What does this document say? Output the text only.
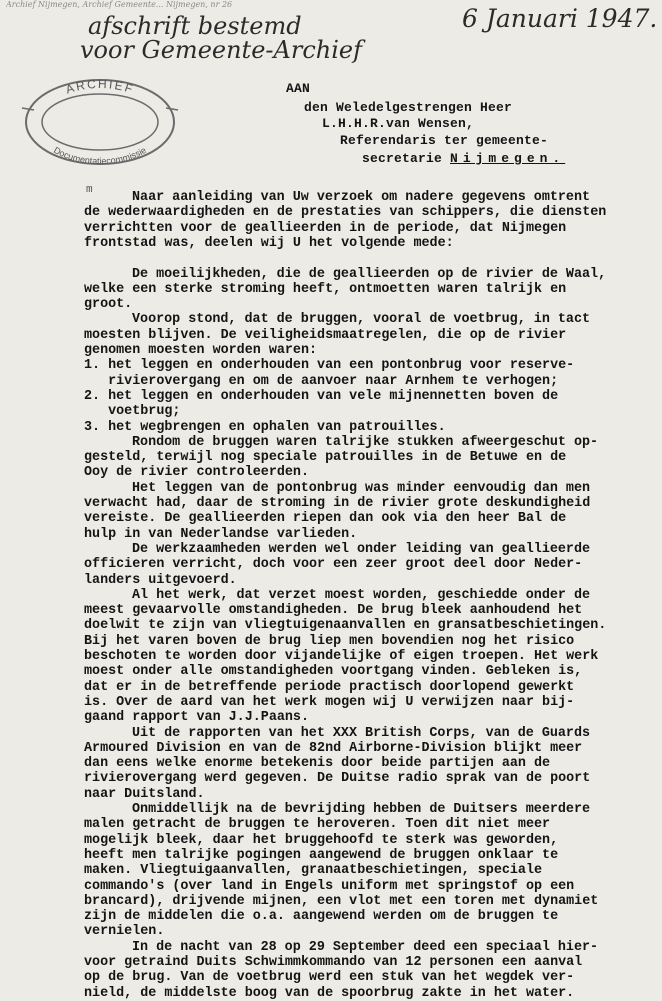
Archief Nijmegen, Archief Gemeente... Nijmegen, nr 26
afschrift bestemd
voor Gemeente-Archief
6 Januari 1947.
ARCHIEF
Documentatiecommissie
AAN
den Weledelgestrengen Heer
L.H.H.R.van Wensen,
Referendaris ter gemeente-
secretarie Nijmegen.
m	Naar aanleiding van Uw verzoek om nadere gegevens omtrent
de wederwaardigheden en de prestaties van schippers, die diensten
verrichtten voor de geallieerden in de periode, dat Nijmegen
frontstad was, deelen wij U het volgende mede:
De moeilijkheden, die de geallieerden op de rivier de Waal,
welke een sterke stroming heeft, ontmoetten waren talrijk en
groot.
Voorop stond, dat de bruggen, vooral de voetbrug, in tact
moesten blijven. De veiligheidsmaatregelen, die op de rivier
genomen moesten worden waren:
1. het leggen en onderhouden van een pontonbrug voor reserve-
rivierovergang en om de aanvoer naar Arnhem te verhogen;
2. het leggen en onderhouden van vele mijnennetten boven de
voetbrug;
3. het wegbrengen en ophalen van patrouilles.
Rondom de bruggen waren talrijke stukken afweergeschut op-
gesteld, terwijl nog speciale patrouilles in de Betuwe en de
Ooy de rivier controleerden.
Het leggen van de pontonbrug was minder eenvoudig dan men
verwacht had, daar de stroming in de rivier grote deskundigheid
vereiste. De geallieerden riepen dan ook via den heer Bal de
hulp in van Nederlandse varlieden.
De werkzaamheden werden wel onder leiding van geallieerde
officieren verricht, doch voor een zeer groot deel door Neder-
landers uitgevoerd.
Al het werk, dat verzet moest worden, geschiedde onder de
meest gevaarvolle omstandigheden. De brug bleek aanhoudend het
doelwit te zijn van vliegtuigenaanvallen en gransatbeschietingen.
Bij het varen boven de brug liep men bovendien nog het risico
beschoten te worden door vijandelijke of eigen troepen. Het werk
moest onder alle omstandigheden voortgang vinden. Gebleken is,
dat er in de betreffende periode practisch doorlopend gewerkt
is. Over de aard van het werk mogen wij U verwijzen naar bij-
gaand rapport van J.J.Paans.
Uit de rapporten van het XXX British Corps, van de Guards
Armoured Division en van de 82nd Airborne-Division blijkt meer
dan eens welke enorme betekenis door beide partijen aan de
rivierovergang werd gegeven. De Duitse radio sprak van de poort
naar Duitsland.
Onmiddellijk na de bevrijding hebben de Duitsers meerdere
malen getracht de bruggen te heroveren. Toen dit niet meer
mogelijk bleek, daar het bruggehoofd te sterk was geworden,
heeft men talrijke pogingen aangewend de bruggen onklaar te
maken. Vliegtuigaanvallen, granaatbeschietingen, speciale
commando's (over land in Engels uniform met springstof op een
brancard), drijvende mijnen, een vlot met een toren met dynamiet
zijn de middelen die o.a. aangewend werden om de bruggen te
vernielen.
In de nacht van 28 op 29 September deed een speciaal hier-
voor getraind Duits Schwimmkommando van 12 personen een aanval
op de brug. Van de voetbrug werd een stuk van het wegdek ver-
nield, de middelste boog van de spoorbrug zakte in het water.
